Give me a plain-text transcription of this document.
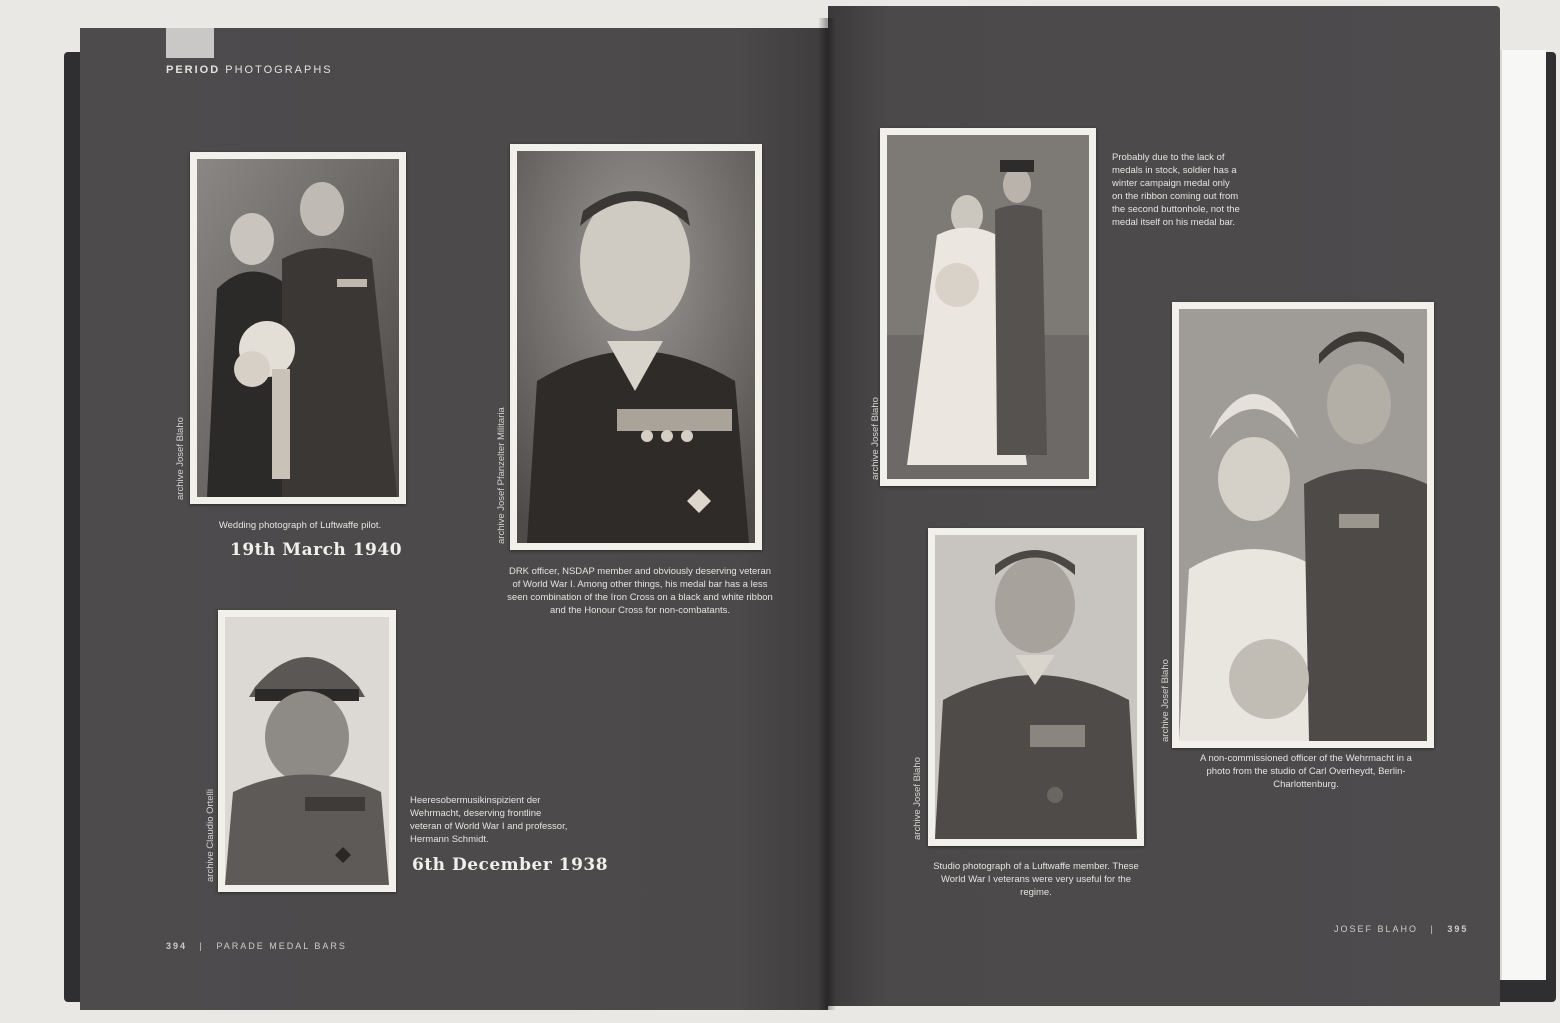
PERIOD PHOTOGRAPHS
archive Josef Blaho
Wedding photograph of Luftwaffe pilot.
19th March 1940
archive Josef Pfanzelter Militaria
DRK officer, NSDAP member and obviously deserving veteran of World War I. Among other things, his medal bar has a less seen combination of the Iron Cross on a black and white ribbon and the Honour Cross for non-combatants.
archive Claudio Ortelli	Heeresobermusikinspizient der Wehrmacht, deserving frontline veteran of World War I and professor, Hermann Schmidt.
6th December 1938
394 | PARADE MEDAL BARS
archive Josef Blaho
Probably due to the lack of medals in stock, soldier has a winter campaign medal only on the ribbon coming out from the second buttonhole, not the medal itself on his medal bar.
archive Josef Blaho
Studio photograph of a Luftwaffe member. These World War I veterans were very useful for the regime.
archive Josef Blaho
A non-commissioned officer of the Wehrmacht in a photo from the studio of Carl Overheydt, Berlin-Charlottenburg.
JOSEF BLAHO | 395
